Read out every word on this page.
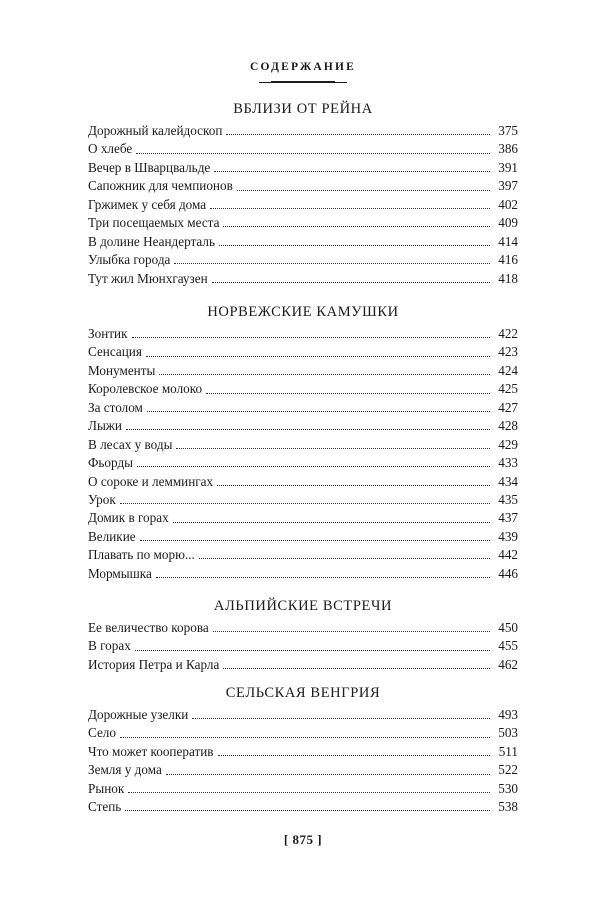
СОДЕРЖАНИЕ
ВБЛИЗИ ОТ РЕЙНА
Дорожный калейдоскоп	375
О хлебе	386
Вечер в Шварцвальде	391
Сапожник для чемпионов	397
Гржимек у себя дома	402
Три посещаемых места	409
В долине Неандерталь	414
Улыбка города	416
Тут жил Мюнхгаузен	418
НОРВЕЖСКИЕ КАМУШКИ
Зонтик	422
Сенсация	423
Монументы	424
Королевское молоко	425
За столом	427
Лыжи	428
В лесах у воды	429
Фьорды	433
О сороке и леммингах	434
Урок	435
Домик в горах	437
Великие	439
Плавать по морю...	442
Мормышка	446
АЛЬПИЙСКИЕ ВСТРЕЧИ
Ее величество корова	450
В горах	455
История Петра и Карла	462
СЕЛЬСКАЯ ВЕНГРИЯ
Дорожные узелки	493
Село	503
Что может кооператив	511
Земля у дома	522
Рынок	530
Степь	538
[ 875 ]
